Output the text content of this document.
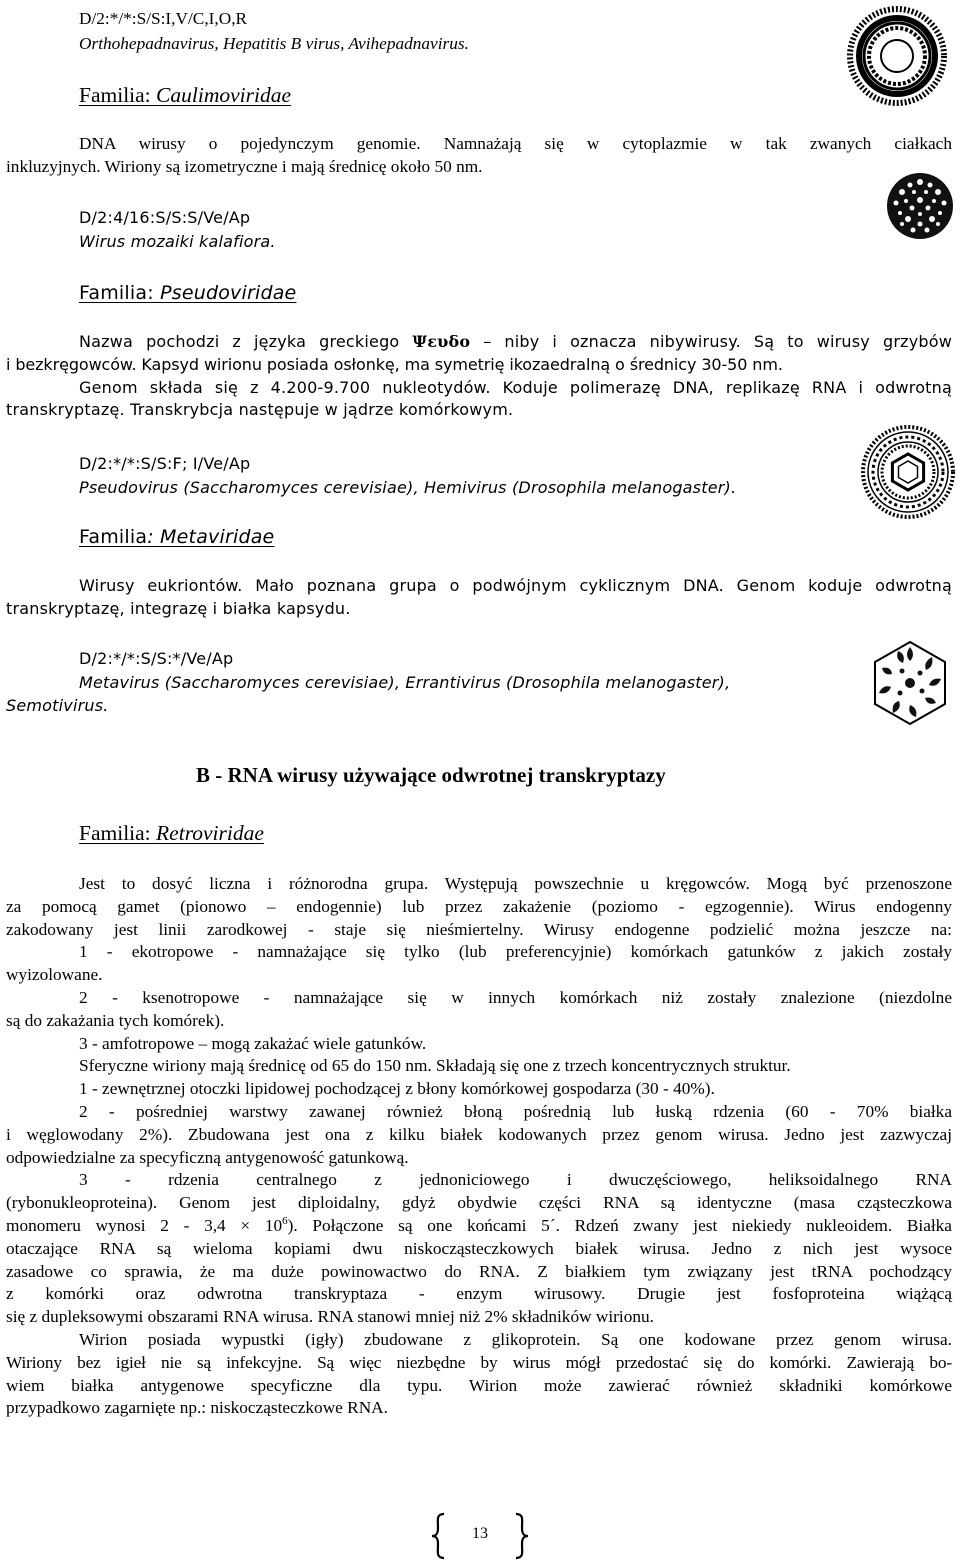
D/2:*/*:S/S:I,V/C,I,O,R
Orthohepadnavirus, Hepatitis B virus, Avihepadnavirus.
Familia: Caulimoviridae
DNA wirusy o pojedynczym genomie. Namnażają się w cytoplazmie w tak zwanych ciałkach
inkluzyjnych. Wiriony są izometryczne i mają średnicę około 50 nm.
D/2:4/16:S/S:S/Ve/Ap
Wirus mozaiki kalafiora.
Familia: Pseudoviridae
Nazwa pochodzi z języka greckiego Ψευδο – niby i oznacza nibywirusy. Są to wirusy grzybów
i bezkręgowców. Kapsyd wirionu posiada osłonkę, ma symetrię ikozaedralną o średnicy 30-50 nm.
Genom składa się z 4.200-9.700 nukleotydów. Koduje polimerazę DNA, replikazę RNA i odwrotną
transkryptazę. Transkrybcja następuje w jądrze komórkowym.
D/2:*/*:S/S:F; I/Ve/Ap
Pseudovirus (Saccharomyces cerevisiae), Hemivirus (Drosophila melanogaster).
Familia: Metaviridae
Wirusy eukriontów. Mało poznana grupa o podwójnym cyklicznym DNA. Genom koduje odwrotną
transkryptazę, integrazę i białka kapsydu.
D/2:*/*:S/S:*/Ve/Ap
Metavirus (Saccharomyces cerevisiae), Errantivirus (Drosophila melanogaster),
Semotivirus.
B - RNA wirusy używające odwrotnej transkryptazy
Familia: Retroviridae
Jest to dosyć liczna i różnorodna grupa. Występują powszechnie u kręgowców. Mogą być przenoszone
za pomocą gamet (pionowo – endogennie) lub przez zakażenie (poziomo - egzogennie). Wirus endogenny
zakodowany jest linii zarodkowej - staje się nieśmiertelny. Wirusy endogenne podzielić można jeszcze na:
1 - ekotropowe - namnażające się tylko (lub preferencyjnie) komórkach gatunków z jakich zostały
wyizolowane.
2 - ksenotropowe - namnażające się w innych komórkach niż zostały znalezione (niezdolne
są do zakażania tych komórek).
3 - amfotropowe – mogą zakażać wiele gatunków.
Sferyczne wiriony mają średnicę od 65 do 150 nm. Składają się one z trzech koncentrycznych struktur.
1 - zewnętrznej otoczki lipidowej pochodzącej z błony komórkowej gospodarza (30 - 40%).
2 - pośredniej warstwy zawanej również błoną pośrednią lub łuską rdzenia (60 - 70% białka
i węglowodany 2%). Zbudowana jest ona z kilku białek kodowanych przez genom wirusa. Jedno jest zazwyczaj
odpowiedzialne za specyficzną antygenowość gatunkową.
3 - rdzenia centralnego z jednoniciowego i dwuczęściowego, heliksoidalnego RNA
(rybonukleoproteina). Genom jest diploidalny, gdyż obydwie części RNA są identyczne (masa cząsteczkowa
monomeru wynosi $2 - 3,4 \times 10^6$). Połączone są one końcami 5´. Rdzeń zwany jest niekiedy nukleoidem. Białka
otaczające RNA są wieloma kopiami dwu niskocząsteczkowych białek wirusa. Jedno z nich jest wysoce
zasadowe co sprawia, że ma duże powinowactwo do RNA. Z białkiem tym związany jest tRNA pochodzący
z komórki oraz odwrotna transkryptaza - enzym wirusowy. Drugie jest fosfoproteina wiążącą
się z dupleksowymi obszarami RNA wirusa. RNA stanowi mniej niż 2% składników wirionu.
Wirion posiada wypustki (igły) zbudowane z glikoprotein. Są one kodowane przez genom wirusa.
Wiriony bez igieł nie są infekcyjne. Są więc niezbędne by wirus mógł przedostać się do komórki. Zawierają bo-
wiem białka antygenowe specyficzne dla typu. Wirion może zawierać również składniki komórkowe
przypadkowo zagarnięte np.: niskocząsteczkowe RNA.
13
